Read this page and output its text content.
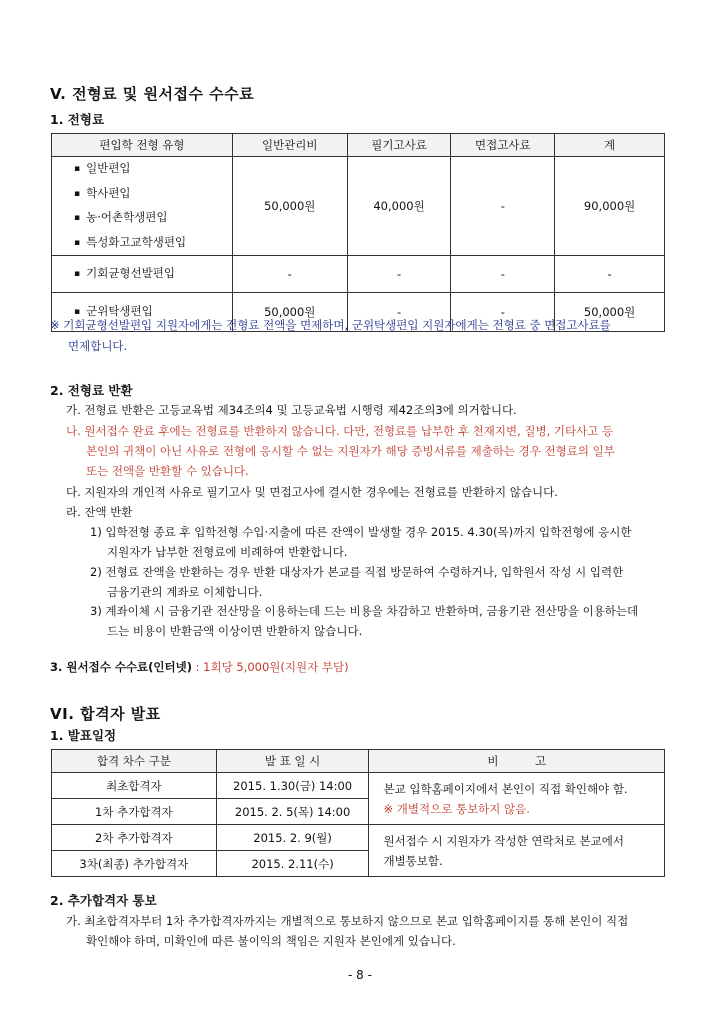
V. 전형료 및 원서접수 수수료
1. 전형료
편입학 전형 유형	일반관리비	필기고사료	면접고사료	계

▪ 일반편입
▪ 학사편입
▪ 농·어촌학생편입
▪ 특성화고교학생편입	50,000원	40,000원	-	90,000원

▪ 기회균형선발편입	-	-	-	-

▪ 군위탁생편입	50,000원	-	-	50,000원
※ 기회균형선발편입 지원자에게는 전형료 전액을 면제하며, 군위탁생편입 지원자에게는 전형료 중 면접고사료를
면제합니다.
2. 전형료 반환
가. 전형료 반환은 고등교육법 제34조의4 및 고등교육법 시행령 제42조의3에 의거합니다.
나. 원서접수 완료 후에는 전형료를 반환하지 않습니다. 다만, 전형료를 납부한 후 천재지변, 질병, 기타사고 등
본인의 귀책이 아닌 사유로 전형에 응시할 수 없는 지원자가 해당 증빙서류를 제출하는 경우 전형료의 일부
또는 전액을 반환할 수 있습니다.
다. 지원자의 개인적 사유로 필기고사 및 면접고사에 결시한 경우에는 전형료를 반환하지 않습니다.
라. 잔액 반환
1) 입학전형 종료 후 입학전형 수입·지출에 따른 잔액이 발생할 경우 2015. 4.30(목)까지 입학전형에 응시한
지원자가 납부한 전형료에 비례하여 반환합니다.
2) 전형료 잔액을 반환하는 경우 반환 대상자가 본교를 직접 방문하여 수령하거나, 입학원서 작성 시 입력한
금융기관의 계좌로 이체합니다.
3) 계좌이체 시 금융기관 전산망을 이용하는데 드는 비용을 차감하고 반환하며, 금융기관 전산망을 이용하는데
드는 비용이 반환금액 이상이면 반환하지 않습니다.
3. 원서접수 수수료(인터넷) : 1회당 5,000원(지원자 부담)
VI. 합격자 발표
1. 발표일정
합격 차수 구분	발 표 일 시	비          고
최초합격자	2015. 1.30(금) 14:00	본교 입학홈페이지에서 본인이 직접 확인해야 함.
※ 개별적으로 통보하지 않음.

1차 추가합격자	2015. 2. 5(목) 14:00	
2차 추가합격자	2015. 2. 9(월)	원서접수 시 지원자가 작성한 연락처로 본교에서
개별통보함.

3차(최종) 추가합격자	2015. 2.11(수)	
2. 추가합격자 통보
가. 최초합격자부터 1차 추가합격자까지는 개별적으로 통보하지 않으므로 본교 입학홈페이지를 통해 본인이 직접
확인해야 하며, 미확인에 따른 불이익의 책임은 지원자 본인에게 있습니다.
- 8 -
